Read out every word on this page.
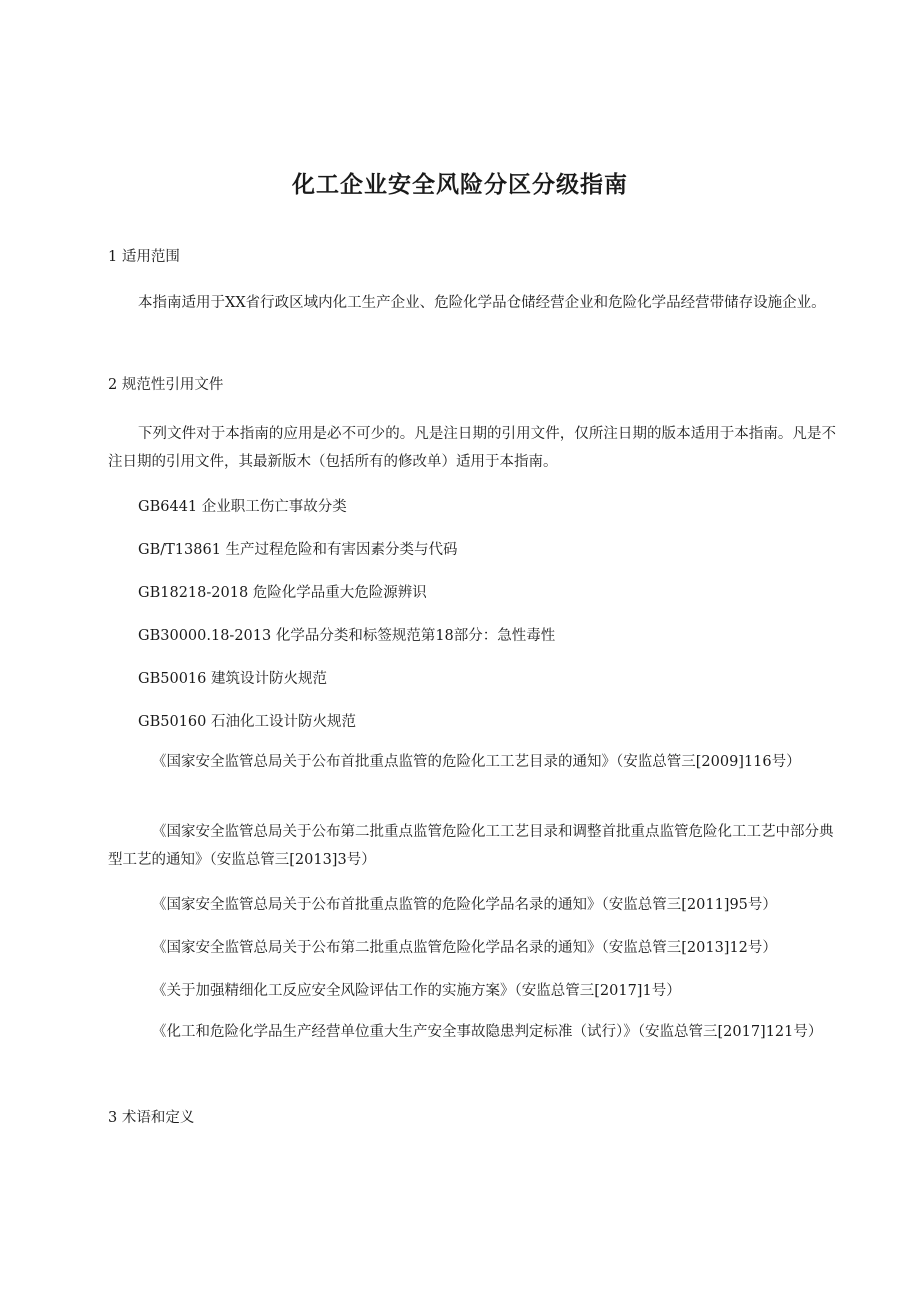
化工企业安全风险分区分级指南

1 适用范围

本指南适用于XX省行政区域内化工生产企业、危险化学品仓储经营企业和危险化学品经营带储存设施企业。

2 规范性引用文件

下列文件对于本指南的应用是必不可少的。凡是注日期的引用文件，仅所注日期的版本适用于本指南。凡是不注日期的引用文件，其最新版木（包括所有的修改单）适用于本指南。

GB6441 企业职工伤亡事故分类

GB/T13861 生产过程危险和有害因素分类与代码

GB18218-2018 危险化学品重大危险源辨识

GB30000.18-2013 化学品分类和标签规范第18部分：急性毒性

GB50016 建筑设计防火规范

GB50160 石油化工设计防火规范

《国家安全监管总局关于公布首批重点监管的危险化工工艺目录的通知》（安监总管三[2009]116号）

《国家安全监管总局关于公布第二批重点监管危险化工工艺目录和调整首批重点监管危险化工工艺中部分典型工艺的通知》（安监总管三[2013]3号）

《国家安全监管总局关于公布首批重点监管的危险化学品名录的通知》（安监总管三[2011]95号）

《国家安全监管总局关于公布第二批重点监管危险化学品名录的通知》（安监总管三[2013]12号）

《关于加强精细化工反应安全风险评估工作的实施方案》（安监总管三[2017]1号）

《化工和危险化学品生产经营单位重大生产安全事故隐患判定标准（试行）》（安监总管三[2017]121号）

3 术语和定义
